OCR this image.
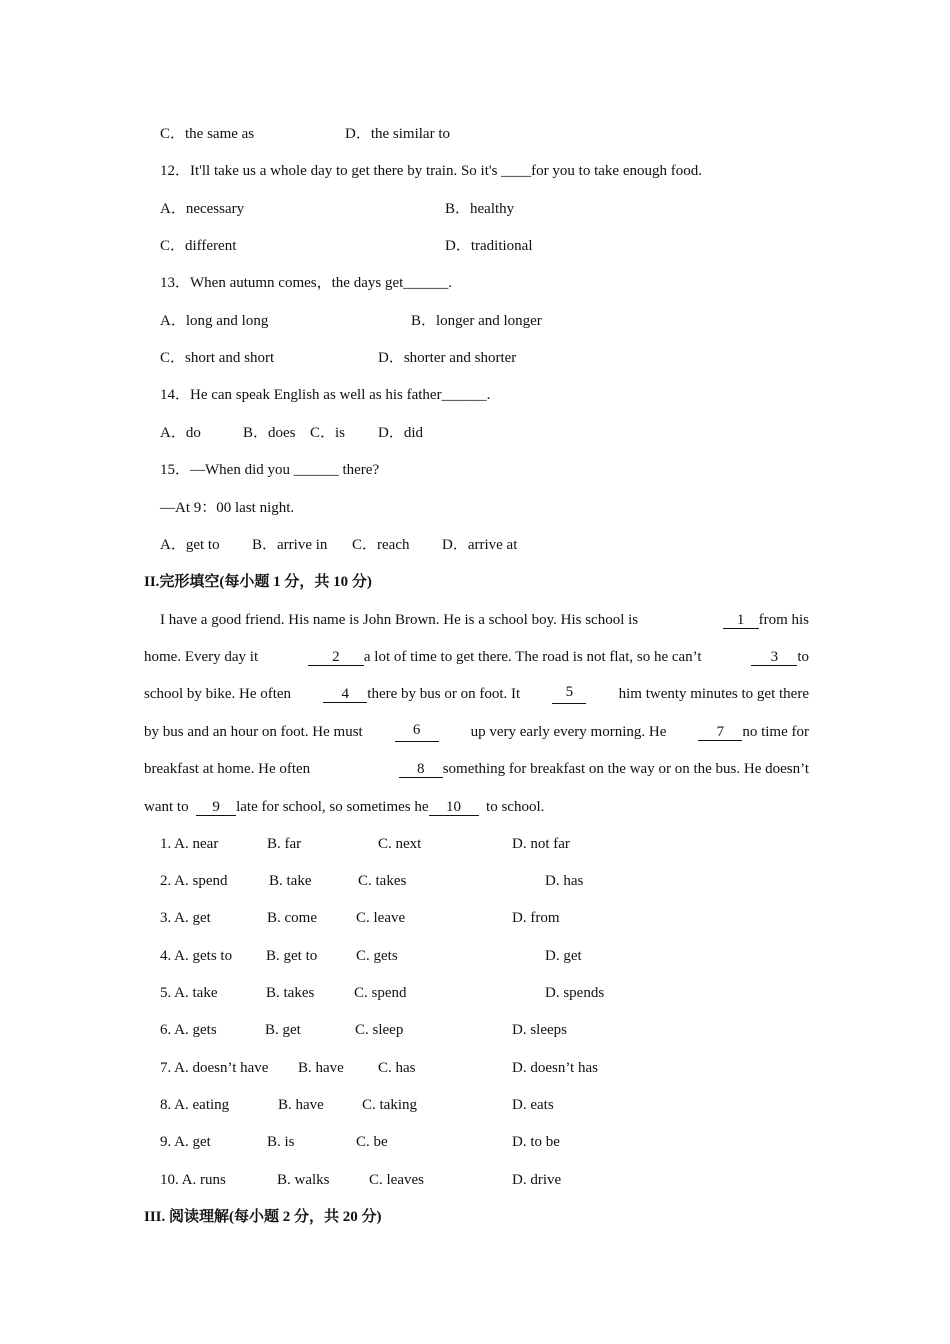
C．the same as	D．the similar to
12．It'll take us a whole day to get there by train. So it's ____for you to take enough food.
A．necessary	B．healthy
C．different	D．traditional
13．When autumn comes，the days get______.
A．long and long	B．longer and longer
C．short and short	D．shorter and shorter
14．He can speak English as well as his father______.
A．do	B．does C．is D．did
15．—When did you ______ there?
—At 9：00 last night.
A．get to B．arrive in C．reach D．arrive at
II.完形填空(每小题 1 分，共 10 分)
I have a good friend. His name is John Brown. He is a school boy. His school is	1 from his
home. Every day it	2 a lot of time to get there. The road is not flat, so he can’t	3 to
school by bike. He often	4 there by bus or on foot. It	5	him twenty minutes to get there
by bus and an hour on foot. He must	6	up very early every morning. He	7 no time for
breakfast at home. He often	8 something for breakfast on the way or on the bus. He doesn’t
want to 9 late for school, so sometimes he 10 to school.
1. A. near	B. far	C. next	D. not far
2. A. spend	B. take	C. takes	D. has
3. A. get	B. come	C. leave	D. from
4. A. gets to B. get to	C. gets	D. get
5. A. take	B. takes	C. spend	D. spends
6. A. gets	B. get	C. sleep	D. sleeps
7. A. doesn’t have B. have C. has	D. doesn’t has
8. A. eating	B. have	C. taking	D. eats
9. A. get	B. is	C. be	D. to be
10. A. runs	B. walks	C. leaves	D. drive
III. 阅读理解(每小题 2 分，共 20 分)
